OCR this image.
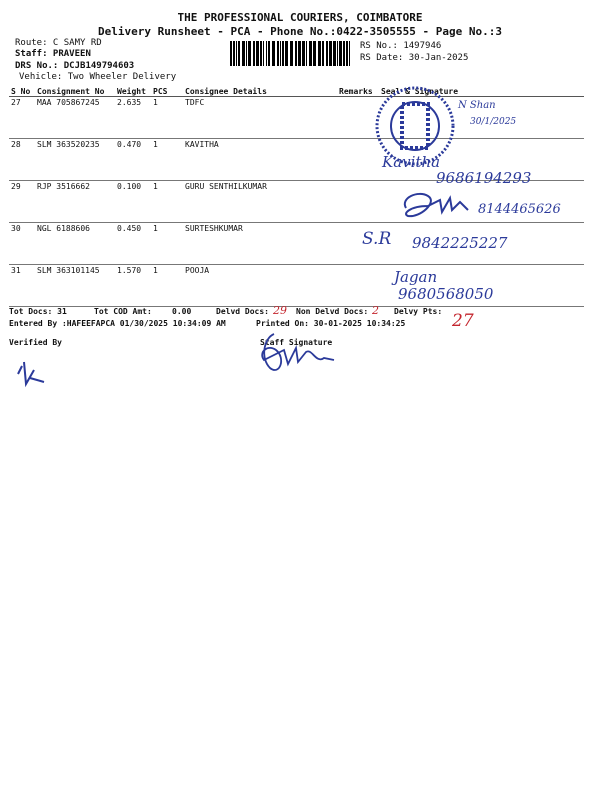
THE PROFESSIONAL COURIERS, COIMBATORE
Delivery Runsheet - PCA - Phone No.:0422-3505555 - Page No.:3
Route: C SAMY RD
Staff: PRAVEEN
DRS No.: DCJB149794603
Vehicle: Two Wheeler Delivery
RS No.: 1497946
RS Date: 30-Jan-2025
S No	Consignment No	Weight	PCS	Consignee Details	Remarks	Seal & Signature
27	MAA 705867245	2.635	1	TDFC		
28	SLM 363520235	0.470	1	KAVITHA		
29	RJP 3516662	0.100	1	GURU SENTHILKUMAR		
30	NGL 6188606	0.450	1	SURTESHKUMAR		
31	SLM 363101145	1.570	1	POOJA		
N Shan
30/1/2025
Kavitha
9686194293
8144465626
S.R 9842225227
Jagan
9680568050
Tot Docs: 31	Tot COD Amt:	0.00	Delvd Docs: 29 Non Delvd Docs: 2 Delvy Pts: 27
Entered By :HAFEEFAPCA 01/30/2025 10:34:09 AM	Printed On: 30-01-2025 10:34:25
Verified By	Staff Signature
